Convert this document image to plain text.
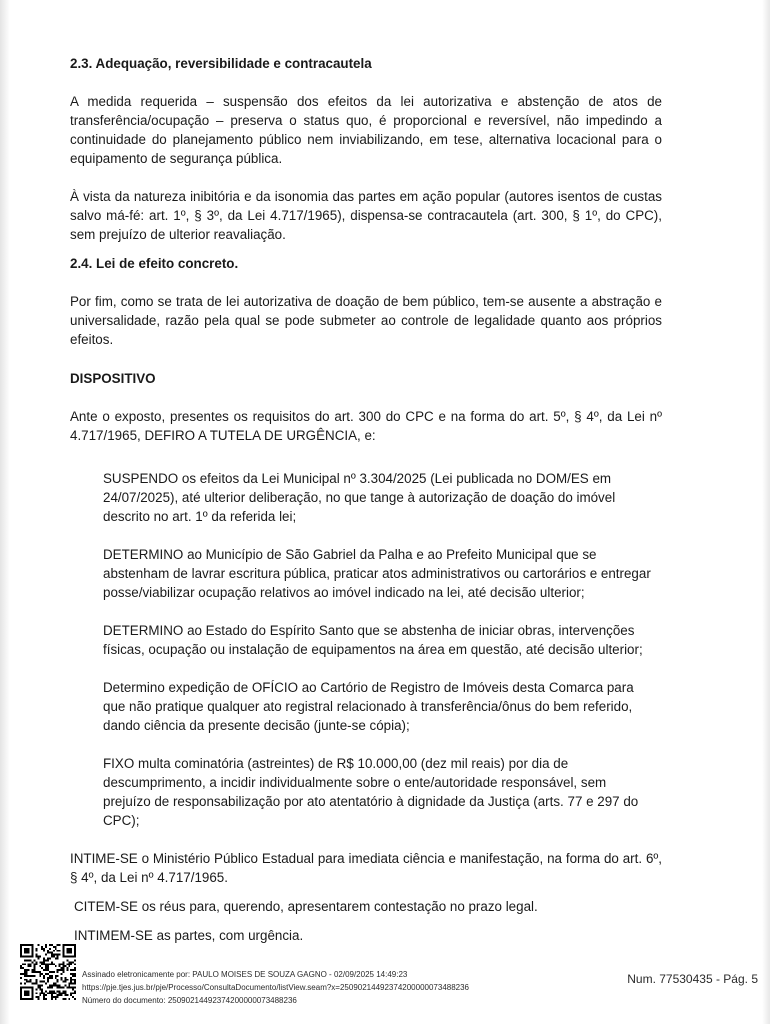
2.3. Adequação, reversibilidade e contracautela

A medida requerida – suspensão dos efeitos da lei autorizativa e abstenção de atos de transferência/ocupação – preserva o status quo, é proporcional e reversível, não impedindo a continuidade do planejamento público nem inviabilizando, em tese, alternativa locacional para o equipamento de segurança pública.

À vista da natureza inibitória e da isonomia das partes em ação popular (autores isentos de custas salvo má-fé: art. 1º, § 3º, da Lei 4.717/1965), dispensa-se contracautela (art. 300, § 1º, do CPC), sem prejuízo de ulterior reavaliação.

2.4. Lei de efeito concreto.

Por fim, como se trata de lei autorizativa de doação de bem público, tem-se ausente a abstração e universalidade, razão pela qual se pode submeter ao controle de legalidade quanto aos próprios efeitos.

DISPOSITIVO

Ante o exposto, presentes os requisitos do art. 300 do CPC e na forma do art. 5º, § 4º, da Lei nº 4.717/1965, DEFIRO A TUTELA DE URGÊNCIA, e:

SUSPENDO os efeitos da Lei Municipal nº 3.304/2025 (Lei publicada no DOM/ES em 24/07/2025), até ulterior deliberação, no que tange à autorização de doação do imóvel descrito no art. 1º da referida lei;

DETERMINO ao Município de São Gabriel da Palha e ao Prefeito Municipal que se abstenham de lavrar escritura pública, praticar atos administrativos ou cartorários e entregar posse/viabilizar ocupação relativos ao imóvel indicado na lei, até decisão ulterior;

DETERMINO ao Estado do Espírito Santo que se abstenha de iniciar obras, intervenções físicas, ocupação ou instalação de equipamentos na área em questão, até decisão ulterior;

Determino expedição de OFÍCIO ao Cartório de Registro de Imóveis desta Comarca para que não pratique qualquer ato registral relacionado à transferência/ônus do bem referido, dando ciência da presente decisão (junte-se cópia);

FIXO multa cominatória (astreintes) de R$ 10.000,00 (dez mil reais) por dia de descumprimento, a incidir individualmente sobre o ente/autoridade responsável, sem prejuízo de responsabilização por ato atentatório à dignidade da Justiça (arts. 77 e 297 do CPC);

INTIME-SE o Ministério Público Estadual para imediata ciência e manifestação, na forma do art. 6º, § 4º, da Lei nº 4.717/1965.

CITEM-SE os réus para, querendo, apresentarem contestação no prazo legal.

INTIMEM-SE as partes, com urgência.

Assinado eletronicamente por: PAULO MOISES DE SOUZA GAGNO - 02/09/2025 14:49:23
https://pje.tjes.jus.br/pje/Processo/ConsultaDocumento/listView.seam?x=25090214492374200000073488236
Número do documento: 25090214492374200000073488236
Num. 77530435 - Pág. 5
